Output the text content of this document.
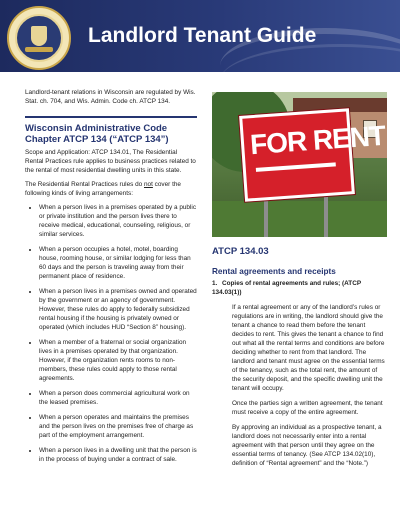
Landlord Tenant Guide

Landlord-tenant relations in Wisconsin are regulated by Wis. Stat. ch. 704, and Wis. Admin. Code ch. ATCP 134.

Wisconsin Administrative Code Chapter ATCP 134 (“ATCP 134”)

Scope and Application: ATCP 134.01, The Residential Rental Practices rule applies to business practices related to the rental of most residential dwelling units in this state.

The Residential Rental Practices rules do not cover the following kinds of living arrangements:

• When a person lives in a premises operated by a public or private institution and the person lives there to receive medical, educational, counseling, religious, or similar services.
• When a person occupies a hotel, motel, boarding house, rooming house, or similar lodging for less than 60 days and the person is traveling away from their permanent place of residence.
• When a person lives in a premises owned and operated by the government or an agency of government. However, these rules do apply to federally subsidized rental housing if the housing is privately owned or operated (which includes HUD “Section 8” housing).
• When a member of a fraternal or social organization lives in a premises operated by that organization. However, if the organization rents rooms to non-members, these rules could apply to those rental agreements.
• When a person does commercial agricultural work on the leased premises.
• When a person operates and maintains the premises and the person lives on the premises free of charge as part of the employment arrangement.
• When a person lives in a dwelling unit that the person is in the process of buying under a contract of sale.
FOR RENT
ATCP 134.03
Rental agreements and receipts

1. Copies of rental agreements and rules; (ATCP 134.03(1))

If a rental agreement or any of the landlord’s rules or regulations are in writing, the landlord should give the tenant a chance to read them before the tenant decides to rent. This gives the tenant a chance to find out what all the rental terms and conditions are before deciding whether to rent from that landlord. The landlord and tenant must agree on the essential terms of the tenancy, such as the total rent, the amount of the security deposit, and the specific dwelling unit the tenant will occupy.

Once the parties sign a written agreement, the tenant must receive a copy of the entire agreement.

By approving an individual as a prospective tenant, a landlord does not necessarily enter into a rental agreement with that person until they agree on the essential terms of tenancy. (See ATCP 134.02(10), definition of “Rental agreement” and the “Note.”)
